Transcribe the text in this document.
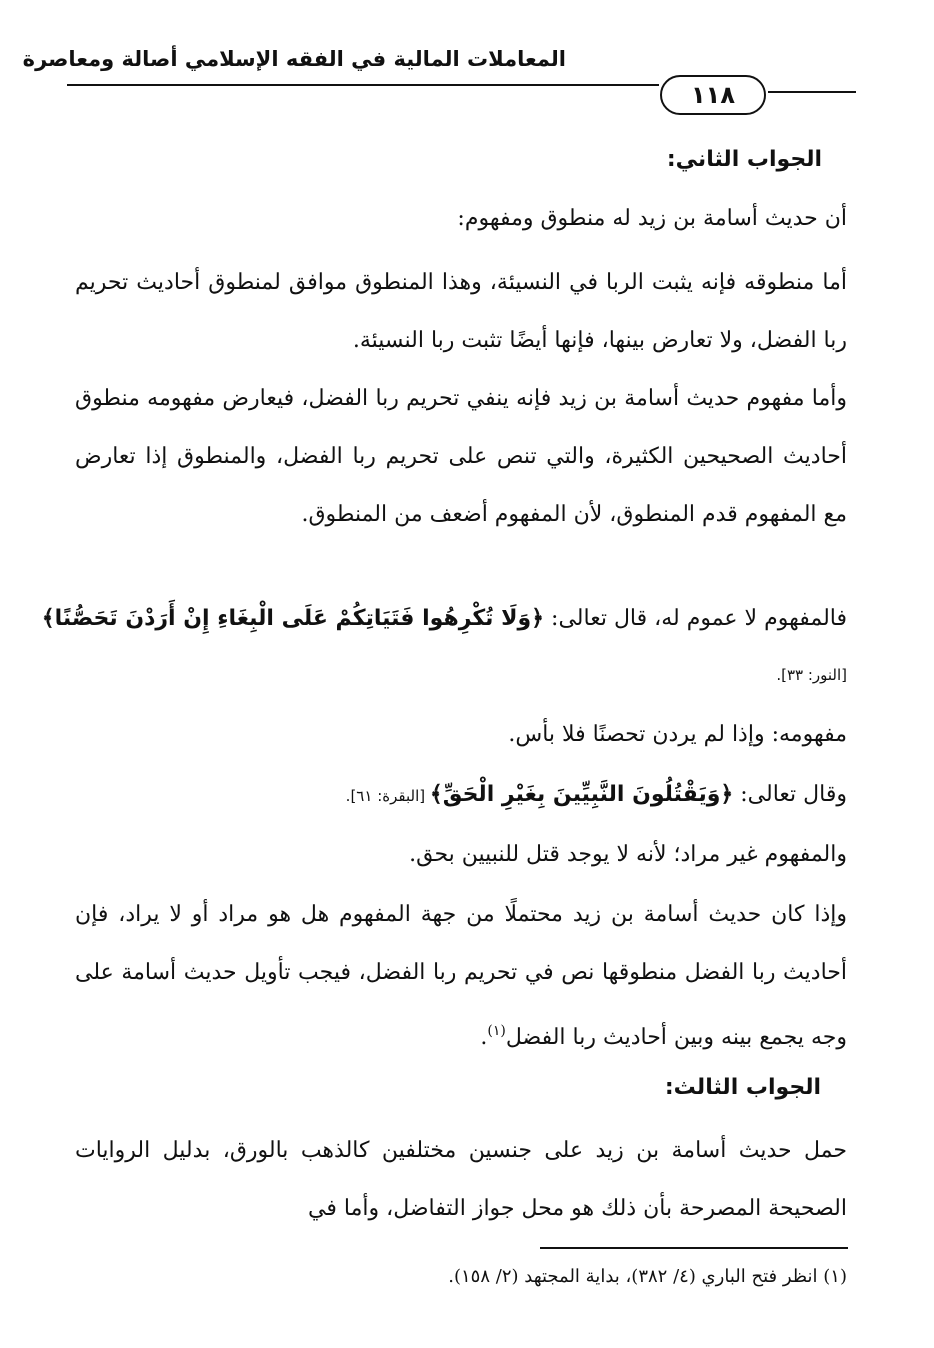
المعاملات المالية في الفقه الإسلامي أصالة ومعاصرة
١١٨
الجواب الثاني:
أن حديث أسامة بن زيد له منطوق ومفهوم:
أما منطوقه فإنه يثبت الربا في النسيئة، وهذا المنطوق موافق لمنطوق أحاديث تحريم ربا الفضل، ولا تعارض بينها، فإنها أيضًا تثبت ربا النسيئة.
وأما مفهوم حديث أسامة بن زيد فإنه ينفي تحريم ربا الفضل، فيعارض مفهومه منطوق أحاديث الصحيحين الكثيرة، والتي تنص على تحريم ربا الفضل، والمنطوق إذا تعارض مع المفهوم قدم المنطوق، لأن المفهوم أضعف من المنطوق.
فالمفهوم لا عموم له، قال تعالى: ﴿وَلَا تُكْرِهُوا فَتَيَاتِكُمْ عَلَى الْبِغَاءِ إِنْ أَرَدْنَ تَحَصُّنًا﴾
[النور: ٣٣].
مفهومه: وإذا لم يردن تحصنًا فلا بأس.
وقال تعالى: ﴿وَيَقْتُلُونَ النَّبِيِّينَ بِغَيْرِ الْحَقِّ﴾ [البقرة: ٦١].
والمفهوم غير مراد؛ لأنه لا يوجد قتل للنبيين بحق.
وإذا كان حديث أسامة بن زيد محتملًا من جهة المفهوم هل هو مراد أو لا يراد، فإن أحاديث ربا الفضل منطوقها نص في تحريم ربا الفضل، فيجب تأويل حديث أسامة على وجه يجمع بينه وبين أحاديث ربا الفضل$^{(١)}$.
الجواب الثالث:
حمل حديث أسامة بن زيد على جنسين مختلفين كالذهب بالورق، بدليل الروايات الصحيحة المصرحة بأن ذلك هو محل جواز التفاضل، وأما في
(١) انظر فتح الباري (٤/ ٣٨٢)، بداية المجتهد (٢/ ١٥٨).
